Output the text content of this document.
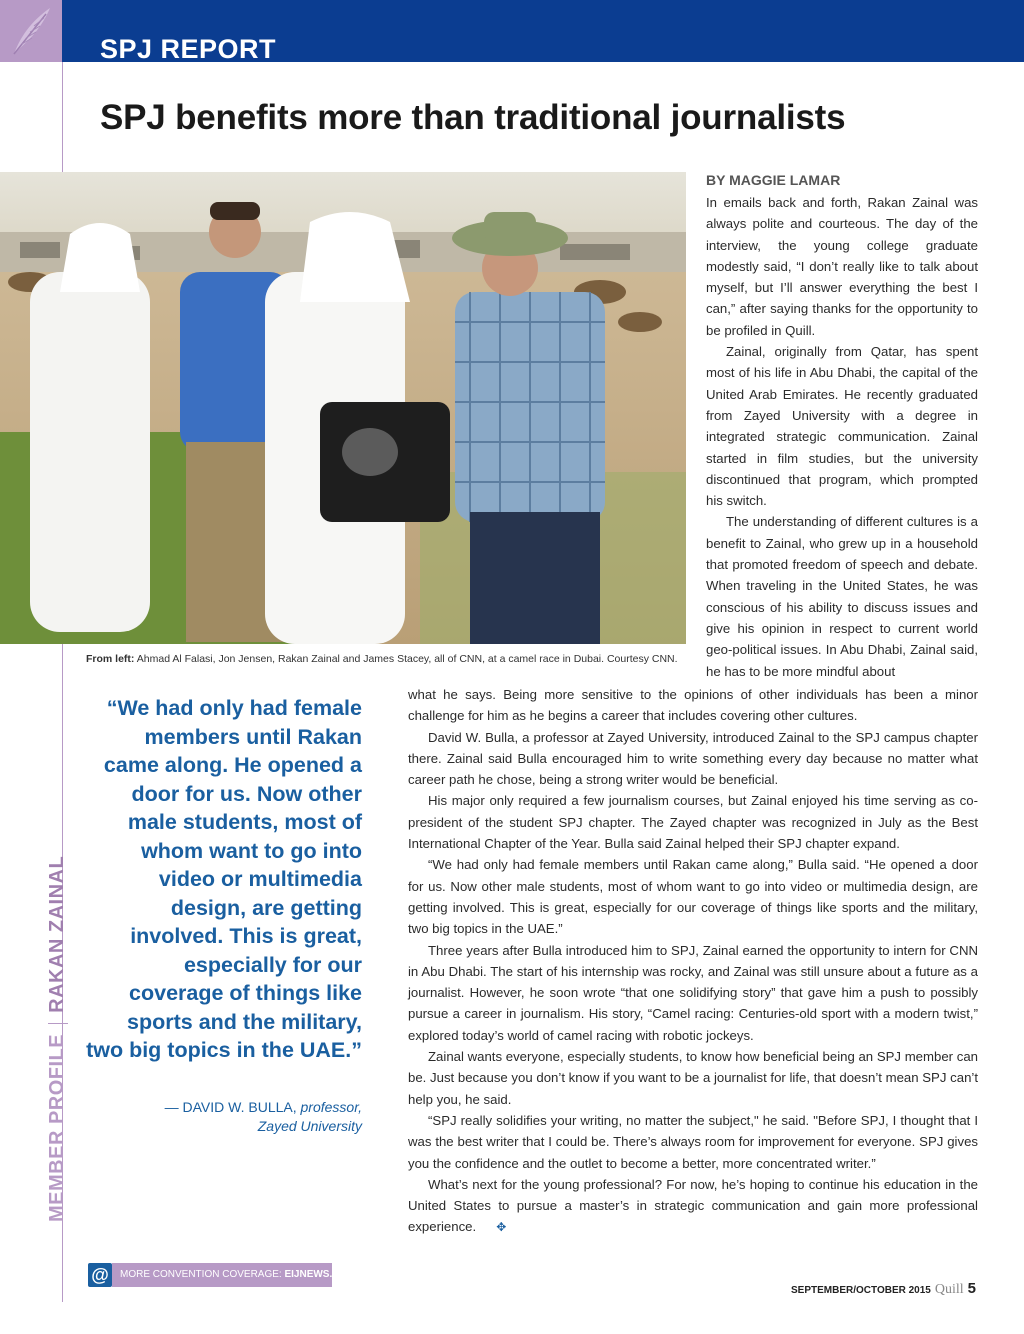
SPJ REPORT
SPJ benefits more than traditional journalists
From left: Ahmad Al Falasi, Jon Jensen, Rakan Zainal and James Stacey, all of CNN, at a camel race in Dubai. Courtesy CNN.
BY MAGGIE LAMAR

In emails back and forth, Rakan Zainal was always polite and courteous. The day of the interview, the young college graduate modestly said, “I don’t really like to talk about myself, but I’ll answer everything the best I can,” after saying thanks for the opportunity to be profiled in Quill.

Zainal, originally from Qatar, has spent most of his life in Abu Dhabi, the capital of the United Arab Emirates. He recently graduated from Zayed University with a degree in integrated strategic communication. Zainal started in film studies, but the university discontinued that program, which prompted his switch.

The understanding of different cultures is a benefit to Zainal, who grew up in a household that promoted freedom of speech and debate. When traveling in the United States, he was conscious of his ability to discuss issues and give his opinion in respect to current world geo-political issues. In Abu Dhabi, Zainal said, he has to be more mindful about

what he says. Being more sensitive to the opinions of other individuals has been a minor challenge for him as he begins a career that includes covering other cultures.

David W. Bulla, a professor at Zayed University, introduced Zainal to the SPJ campus chapter there. Zainal said Bulla encouraged him to write something every day because no matter what career path he chose, being a strong writer would be beneficial.

His major only required a few journalism courses, but Zainal enjoyed his time serving as co-president of the student SPJ chapter. The Zayed chapter was recognized in July as the Best International Chapter of the Year. Bulla said Zainal helped their SPJ chapter expand.

“We had only had female members until Rakan came along,” Bulla said. “He opened a door for us. Now other male students, most of whom want to go into video or multimedia design, are getting involved. This is great, especially for our coverage of things like sports and the military, two big topics in the UAE.”

Three years after Bulla introduced him to SPJ, Zainal earned the opportunity to intern for CNN in Abu Dhabi. The start of his internship was rocky, and Zainal was still unsure about a future as a journalist. However, he soon wrote “that one solidifying story” that gave him a push to possibly pursue a career in journalism. His story, “Camel racing: Centuries-old sport with a modern twist,” explored today’s world of camel racing with robotic jockeys.

Zainal wants everyone, especially students, to know how beneficial being an SPJ member can be. Just because you don’t know if you want to be a journalist for life, that doesn’t mean SPJ can’t help you, he said.

“SPJ really solidifies your writing, no matter the subject," he said. "Before SPJ, I thought that I was the best writer that I could be. There’s always room for improvement for everyone. SPJ gives you the confidence and the outlet to become a better, more concentrated writer.”

What’s next for the young professional? For now, he’s hoping to continue his education in the United States to pursue a master’s in strategic communication and gain more professional experience. ✥

“We had only had female members until Rakan came along. He opened a door for us. Now other male students, most of whom want to go into video or multimedia design, are getting involved. This is great, especially for our coverage of things like sports and the military, two big topics in the UAE.”
— DAVID W. BULLA, professor,
Zayed University
MEMBER PROFILERAKAN ZAINAL
@	MORE CONVENTION COVERAGE: EIJNEWS.ORG
SEPTEMBER/OCTOBER 2015 Quill 5
